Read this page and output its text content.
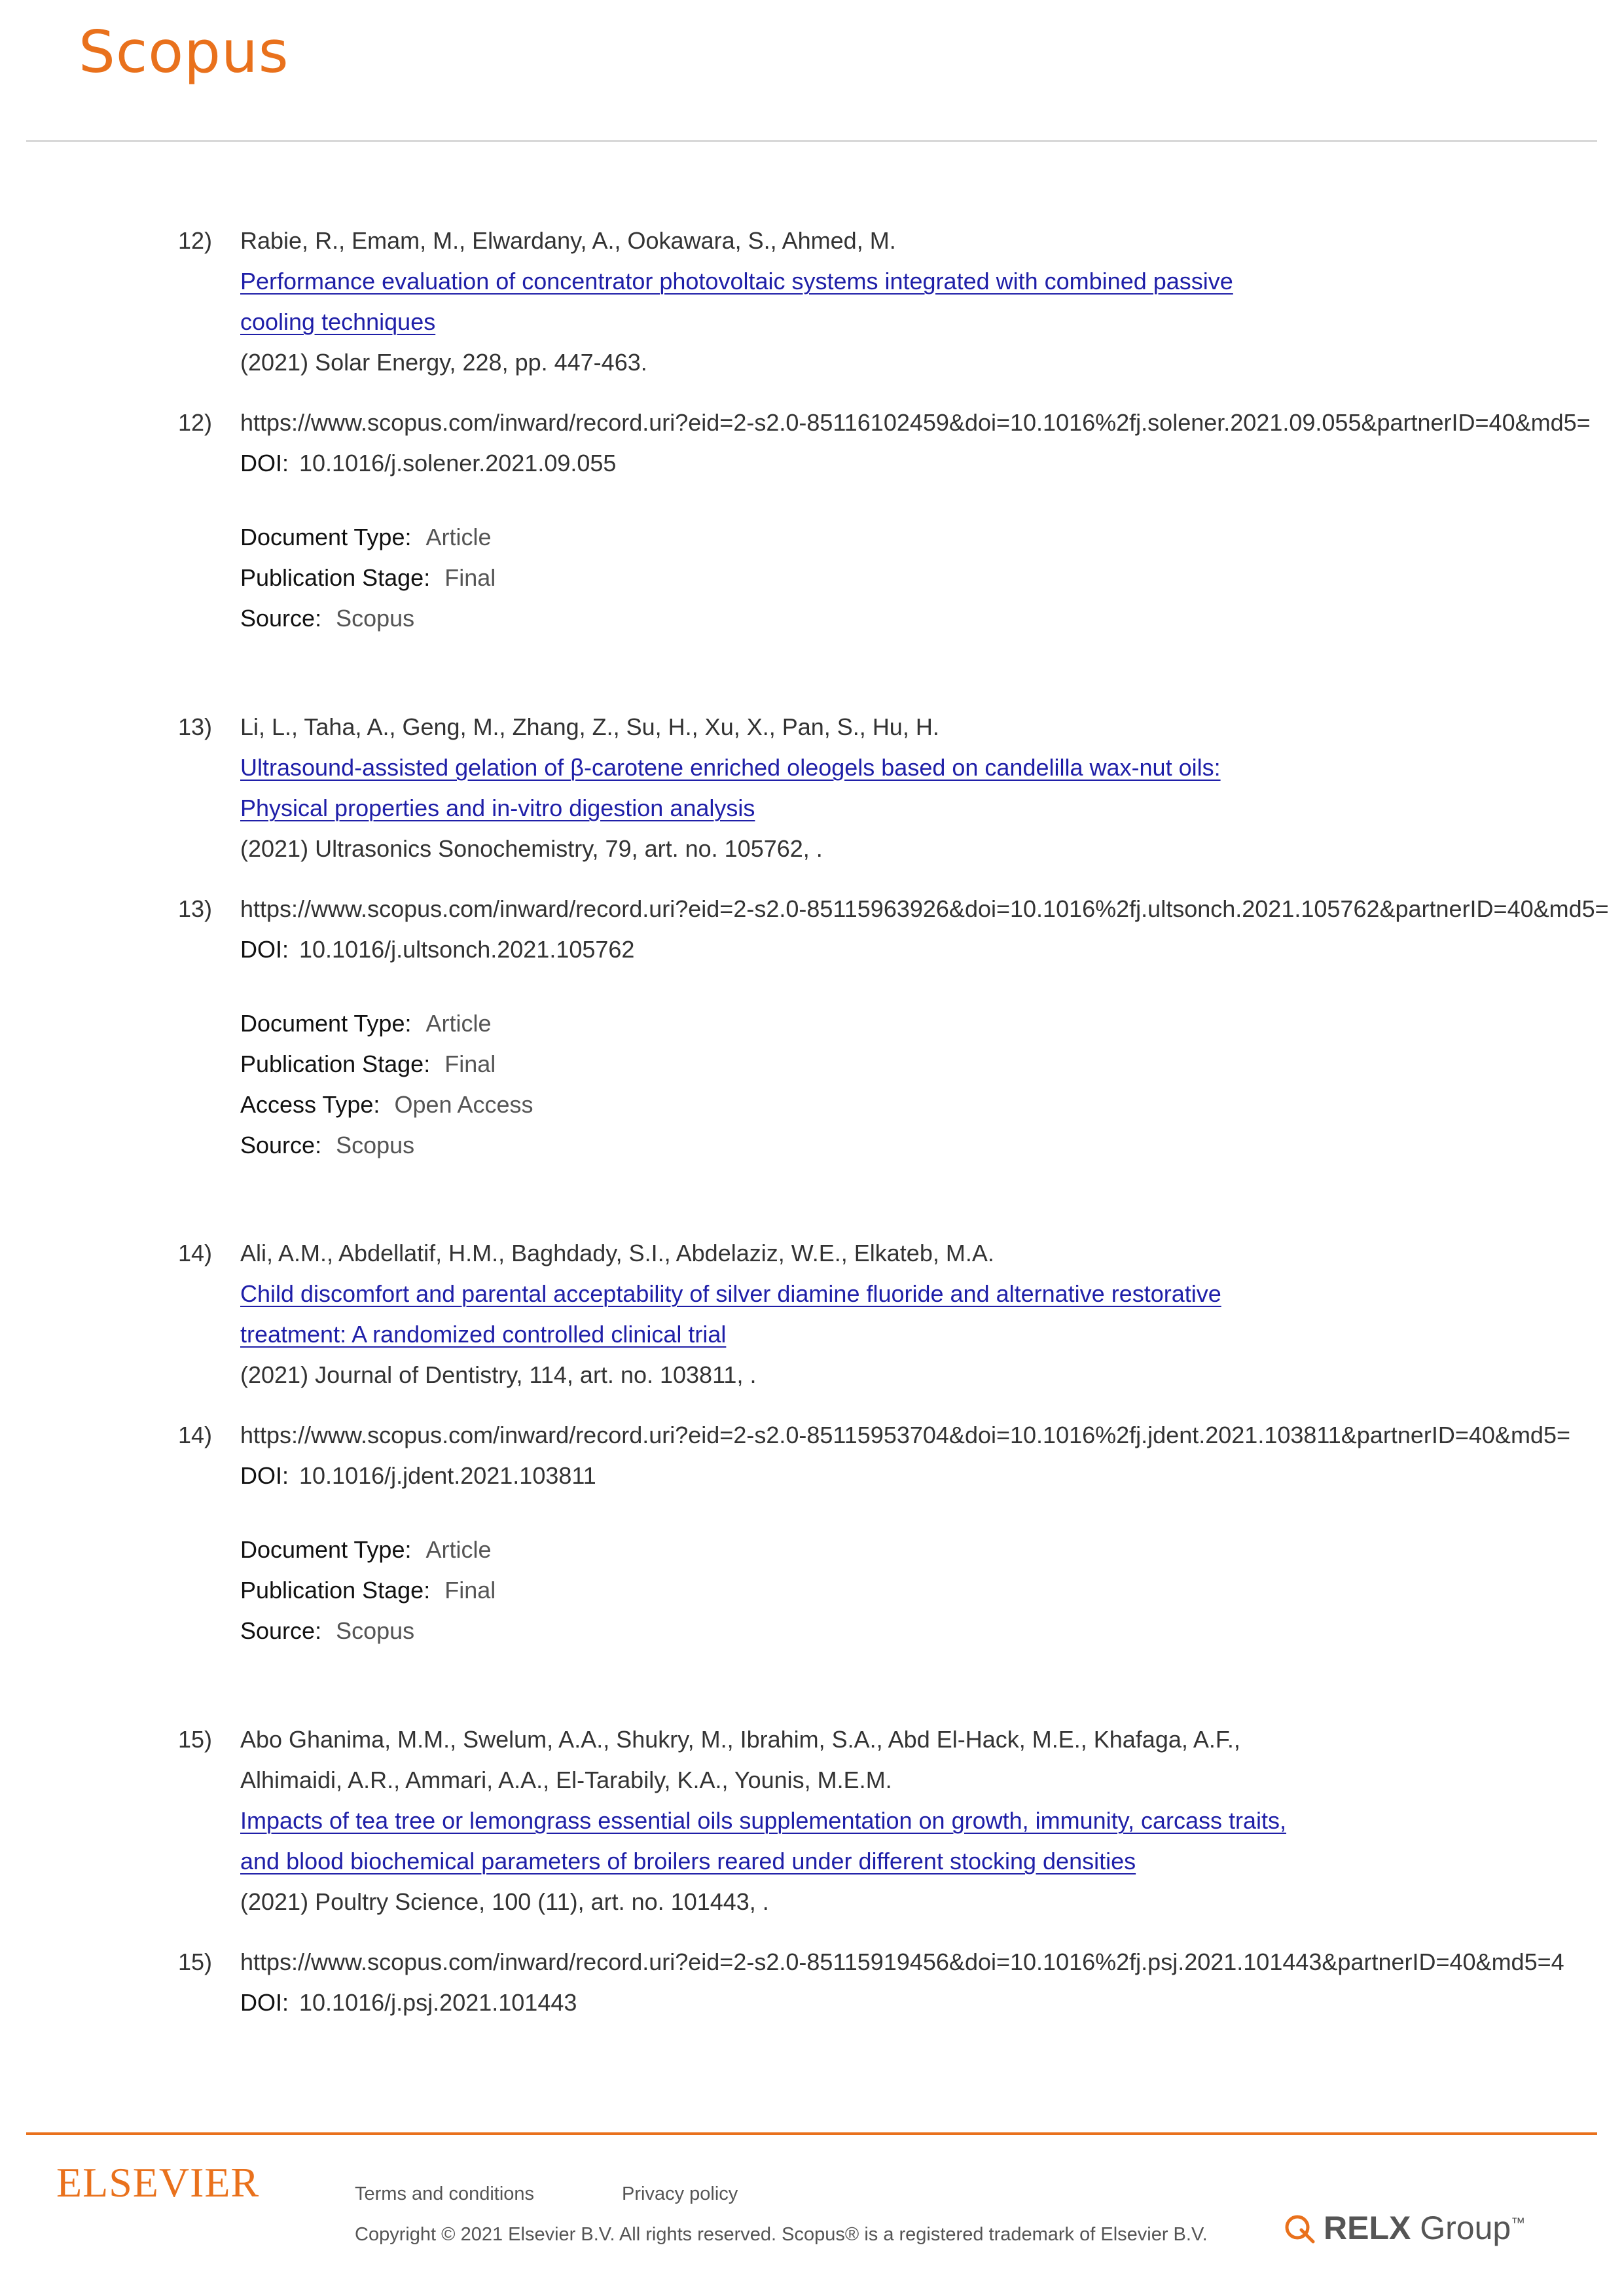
Scopus
12) Rabie, R., Emam, M., Elwardany, A., Ookawara, S., Ahmed, M.
Performance evaluation of concentrator photovoltaic systems integrated with combined passive
cooling techniques
(2021) Solar Energy, 228, pp. 447-463.
12) https://www.scopus.com/inward/record.uri?eid=2-s2.0-85116102459&doi=10.1016%2fj.solener.2021.09.055&partnerID=40&md5=
DOI: 10.1016/j.solener.2021.09.055
Document Type: Article
Publication Stage: Final
Source: Scopus
13) Li, L., Taha, A., Geng, M., Zhang, Z., Su, H., Xu, X., Pan, S., Hu, H.
Ultrasound-assisted gelation of β-carotene enriched oleogels based on candelilla wax-nut oils:
Physical properties and in-vitro digestion analysis
(2021) Ultrasonics Sonochemistry, 79, art. no. 105762, .
13) https://www.scopus.com/inward/record.uri?eid=2-s2.0-85115963926&doi=10.1016%2fj.ultsonch.2021.105762&partnerID=40&md5=
DOI: 10.1016/j.ultsonch.2021.105762
Document Type: Article
Publication Stage: Final
Access Type: Open Access
Source: Scopus
14) Ali, A.M., Abdellatif, H.M., Baghdady, S.I., Abdelaziz, W.E., Elkateb, M.A.
Child discomfort and parental acceptability of silver diamine fluoride and alternative restorative
treatment: A randomized controlled clinical trial
(2021) Journal of Dentistry, 114, art. no. 103811, .
14) https://www.scopus.com/inward/record.uri?eid=2-s2.0-85115953704&doi=10.1016%2fj.jdent.2021.103811&partnerID=40&md5=
DOI: 10.1016/j.jdent.2021.103811
Document Type: Article
Publication Stage: Final
Source: Scopus
15) Abo Ghanima, M.M., Swelum, A.A., Shukry, M., Ibrahim, S.A., Abd El-Hack, M.E., Khafaga, A.F.,
Alhimaidi, A.R., Ammari, A.A., El-Tarabily, K.A., Younis, M.E.M.
Impacts of tea tree or lemongrass essential oils supplementation on growth, immunity, carcass traits,
and blood biochemical parameters of broilers reared under different stocking densities
(2021) Poultry Science, 100 (11), art. no. 101443, .
15) https://www.scopus.com/inward/record.uri?eid=2-s2.0-85115919456&doi=10.1016%2fj.psj.2021.101443&partnerID=40&md5=4
DOI: 10.1016/j.psj.2021.101443
ELSEVIER	Terms and conditions	Privacy policy
Copyright © 2021 Elsevier B.V. All rights reserved. Scopus® is a registered trademark of Elsevier B.V.	RELX Group™
